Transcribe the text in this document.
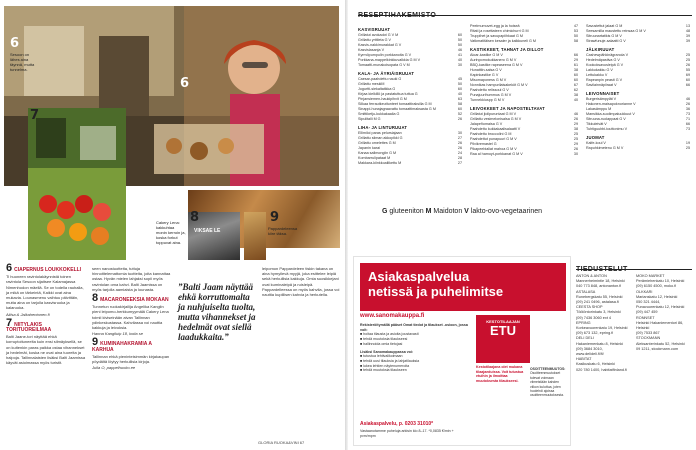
6
Sesoon on lähes aina täynnä, mutta tunnelma.
6
7
VIKSAE LE
8
Cakery Lena: kakkuhtaa monin kerroin ja, koska forkut toppuvat aina.
9
Pappardeleensa kiire täksa.
6 CIAPERNUS LOUKKOKELLI

Ti huoneen ravintolakäynnistä toinen ravintola Sesoon sijaitsee Kalamajassa Nimenhodon mäellä. Se on todella rauhalla, ja mikä on tärkeintä, Kaikki ovat aina mukavia. Lounasmenu vaihtuu päivittäin, mutta aina on tarjolla kasvisruoka ja kalaruoka.

Aliisa & Jalkahentonen.fi

7 NIITYLAKIS TORITUOREILMAA

Balti Jaane-tori näyttää ehkä korruptoituneelta kuin ensi silmäyksellä, se on kuitenkin paras paikka ostaa vihannekset ja hedelmät, koska ne ovat aina tuoreita ja halpoja. Tallinnalaisten lisäksi Balti Jaamissa käyvät asioimassa myös turistit.

seen nanostuotteita, tuttuja hinnoittelemattomia tuotteita, joita kannattaa ostaa. Hyvän mielen lahjaksi sopii myös ravintolan oma kahvi. Balti Jaamissa on myös tarjolla aamiaista ja lounasta.

8 MACARONEEKSIA MOKAAN

Tunnetun ruokakirjailija Angelika Kanglin pieni leipomo-herkkumyymälä Cakery Lena toimii kiviseinään aivan Tallinnan ydinkeskustassa. Kahvilassa voi nauttia kakkuja ja leivoksia.

Hanna Kangliuip 18, kotia se

9 KUMINAHAKRAMIA A KARHUA

Tallinnan ehkä pieninteisimmän kirjakaupan pöydältä löytyy herkullisia kirjoja.

Julia O, pappelhuoko.ee

”Balti Jaam näyttää ehkä korruttomalta ja nuhjuiselta tuolta, mutta vihannekset ja hedelmät ovat siellä laadukkaita.”

leipomon Pappardeleen tiskin takana on aina hymyilevä myyjä, joka esittelee leipiä sekä herkullisia kakkuja. Omia suosikkejani ovat kuminaleipä ja ruisleipä. Pappardelleessa on myös kahvila, jossa voi nauttia kupillisen kahvia ja herkutella.

GLORIA RUOKA&VINI 67
RESEPTIHAKEMISTO
KASVISRUUAT
Grillatut avokadot G V M	60
Grillattu yrttileta G V	50
Kasvis-nakkimurakkat G V	50
Kasvislasanja V	46
Kyrmöpumpulin porkkanoita G V	41
Porkkana-mappelkinkkuvalkkia G M V	40
Tomaatti-munakoisopata G V M	30
KALA- JA ÄYRIÄISRUUAT
Caesar-paahdettu nauki G	45
Grillattu meskiM	50
Jogurtti-siekaltatikka G	60
Kirjaa kielkillö ja pastatuttua tuttua G	40
Pinjansiemen-haukipihvit G M	63
Silkaa ferrautkeuttunteet tomaattiraksilla G M	58
Sinappi-hunajagraavattu tomaattimaksasta G M	60
Smittiketju-kukkakaalia G	52
Sipulitalli M G	26
LIHA- JA LINTURUUAT
Ellimiloi paras pelursiajaan	30
Grillattu siiman akkopikki G	27
Grillattu omelettes G M	26
Japanin karai	26
Kanaa sallmongiin G M	24
Kombarrulipataat M	28
Makkara-kiinkkoaliikettu M	27
Peelmumuvet-egg ja la hoiseä	47
Ritati ja rosettateen chimichurri G M	53
Truppihet ja savupapiihkaat G M	50
Vatkmatitäisen kesaler ja kalkkuneli G M	58
KASTIKKEET, TAHNAT JA DILLOT
Aioar-kastike G M V	66
Aurinpomokukkanero G M V	29
BBQ-kastike rapeaseena G M V	61
Hunattiin-salsa G V	38
Kapinkastike G V	60
Misomaponess G M V	60
Nonnikas hampurilaisakeköt G M V	67
Paahdettu relissoul G V	62
Punajuurihummus G M V	38
Tunnekkiuspp G M V	40
LEIVOKKEET JA NAPOSTELTAVAT
Grillatut jiollpuruntaat G M V	46
Grillattu vesimelonisalsa G M V	26
Jalapeñomaisa G V	29
Paahdettu kukkakaalisalaatti V	38
Paahdettu broccolini G M	25
Paahdettut punapuuri G M V	25
Pilvikremastel G	29
Pikapeebialiat mahoa G M V	26
Raa al hamoyt-porkkanat G M V	30
Savustettut jalaat G M	13
Seesamilla maustettu reinsaa G M V	48
Sitruunartatikis G M V	39
Strawfunuje-salaatti G V	39
JÄLKIRUUAT
Cashewpähkinägranola V	25
Hedelmäpastiva G V	25
Kookoksavusleipä G V	26
Lakkukakku G V	55
Lettukakku V	69
Rapeanpin peasit G V	60
Savilainnäpiiraat V	66
LEIVONNAISET
Burgerisämpylät V	46
Hakonen-maisapoknorianne V	26
Lakasämppu M	36
Mansikka-suolimpaluukkuut V	73
Sitruuna-ruolappaat G V	71
Tikkuleivät V	66
Tuhtiguubbi-touttonimu V	73
JUOMAT
Kalfe-koul V	19
Rapuhkimetenu G M V	25
G gluteeniton M Maidoton V lakto-ovo-vegetaarinen
Asiakaspalvelua
netissä ja puhelimitse
www.sanomakauppa.fi
Rekisteröitymällä pääset Omat tiedot ja tilaukset -osioon, jossa voit:
■ hoitaa tilausta ja asioita joustavasti
■ tehdä muutoksia tilaukseesi
■ hallinnoida omia tietojasi
Lisäksi Sanomakauppassa voi:
■ tutustua lehtivalikoimaan
■ tehdä uusi tilauksia ja lahjatilauksia
■ lukea lehtien näytenumeroita
■ tehdä muutoksia tilaukseen
KESTOTILAAJAN
ETU
Kestotilaajana olet mukana tilaajaeduissa. Voit tutustua etuihin ja ilmoittaa muutoksesta tilaukseesi.
OSOITTEENMUUTOS:
Osoitteenmuutokset tulevat voimaan viimeistään kahden viikon kuluttua, joten huolehdi ajoissa osoitteenmuutoksesta.
Asiakaspalvelu, p. 0203 31010*
Vastaanotamme puheluja arkisin klo 8–17. *0,0835 €/min + pvm/mpm
TIEDUSTELUT
ANTON & ANTON
Mannerheimintie 18, Helsinki
040 773 848, antonanton.fi
ASTALASA
Runebergskatu 55, Helsinki
(09) 241 0496, astalasa.fi
CEESTA SHOP
Töölöntorinkatu 3, Helsinki
(09) 7436 3060 ext 4
EPRING
Korkeavuorenkatu 19, Helsinki
(09) 673 132, epring.fi
DELI DELI
Hakaniemenkatu 8, Helsinki
(09) 3684 3010,
www.delideli.fi/fi/
HABITAT
Kasikuskatu 6, Helsinki
020 780 1400, habitatfinland.fi
MOKO MARKET
Perämiehenkatu 10, Helsinki
(09) 6150 4500, moko.fi
OLKKARI
Marianskatu 12, Helsinki
050 321 4444,
Punavuorenkatu 12, Helsinki
(09) 447 459
RONNSET
Helsinki Hakaniementori 86,
Helsinki
(09) 7533 867
STOCKMANN
Aleksanterinkatu 52, Helsinki
09 1211, stockmann.com
